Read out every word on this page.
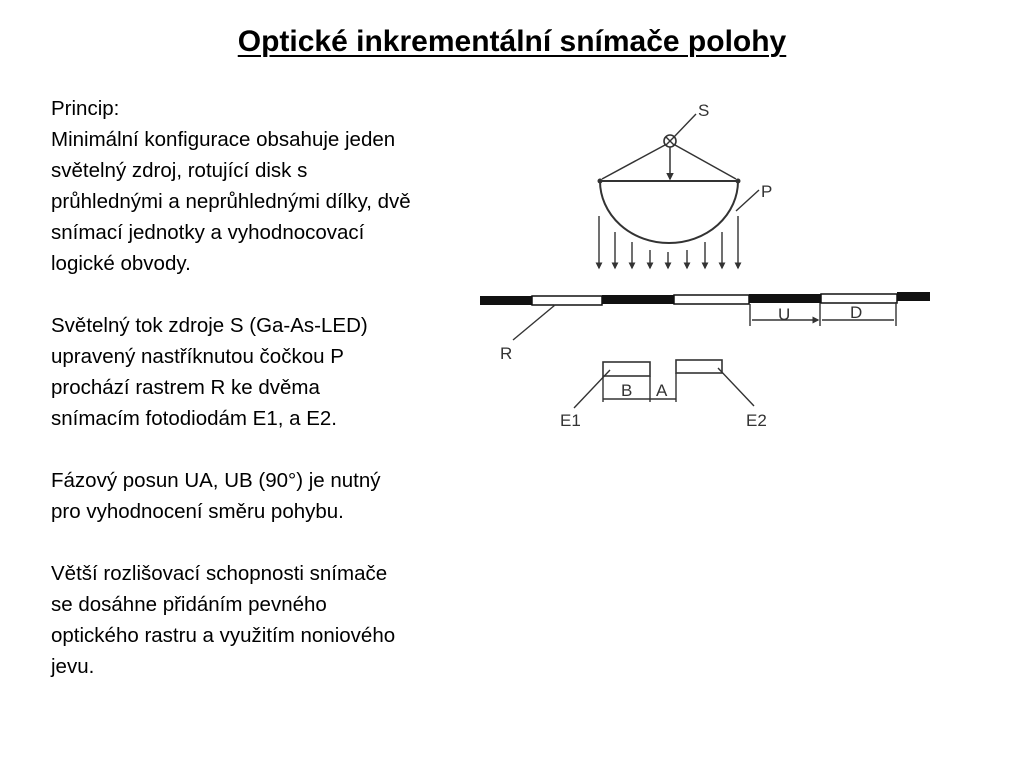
Optické inkrementální snímače polohy

Princip:
Minimální konfigurace obsahuje jeden
světelný zdroj, rotující disk s
průhlednými a neprůhlednými dílky, dvě
snímací jednotky a vyhodnocovací
logické obvody.

Světelný tok zdroje S (Ga-As-LED)
upravený nastříknutou čočkou P
prochází rastrem R ke dvěma
snímacím fotodiodám E1, a E2.

Fázový posun UA, UB (90°) je nutný
pro vyhodnocení směru pohybu.

Větší rozlišovací schopnosti snímače
se dosáhne přidáním pevného
optického rastru a využitím noniového
jevu.

S
P
R
U	D
B A
E1	E2
